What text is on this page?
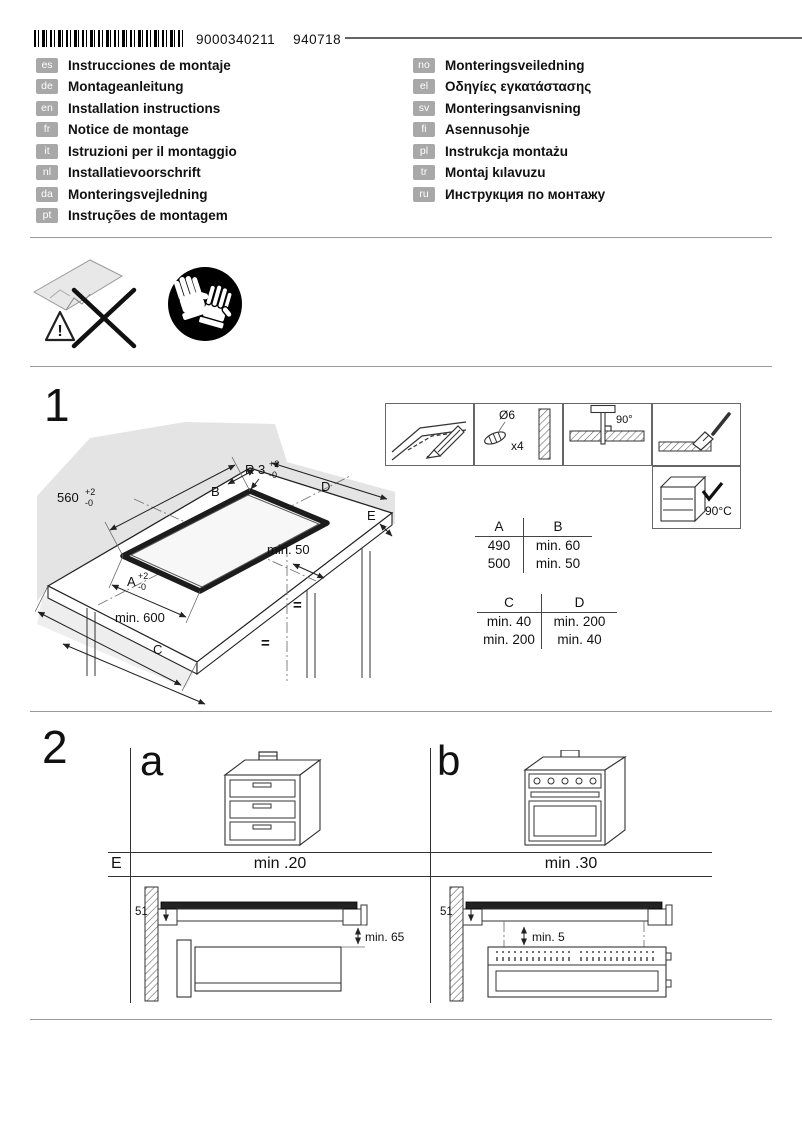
9000340211 940718
es	Instrucciones de montaje
de	Montageanleitung
en	Installation instructions
fr	Notice de montage
it	Istruzioni per il montaggio
nl	Installatievoorschrift
da	Monteringsvejledning
pt	Instruções de montagem
no	Monteringsveiledning
el	Οδηγίες εγκατάστασης
sv	Monteringsanvisning
fi	Asennusohje
pl	Instrukcja montażu
tr	Montaj kılavuzu
ru	Инструкция по монтажу
!
1
R 3 +2
-0
560 +2
-0
B	D
E
min. 50
A +2
-0
min. 600
C
=
=
Ø6
x4
90°
90°C
A	B
490	min. 60
500	min. 50
C	D
min. 40	min. 200
min. 200	min. 40
2 a	b
E	min .20	min .30
51
min. 65
51
min. 5
